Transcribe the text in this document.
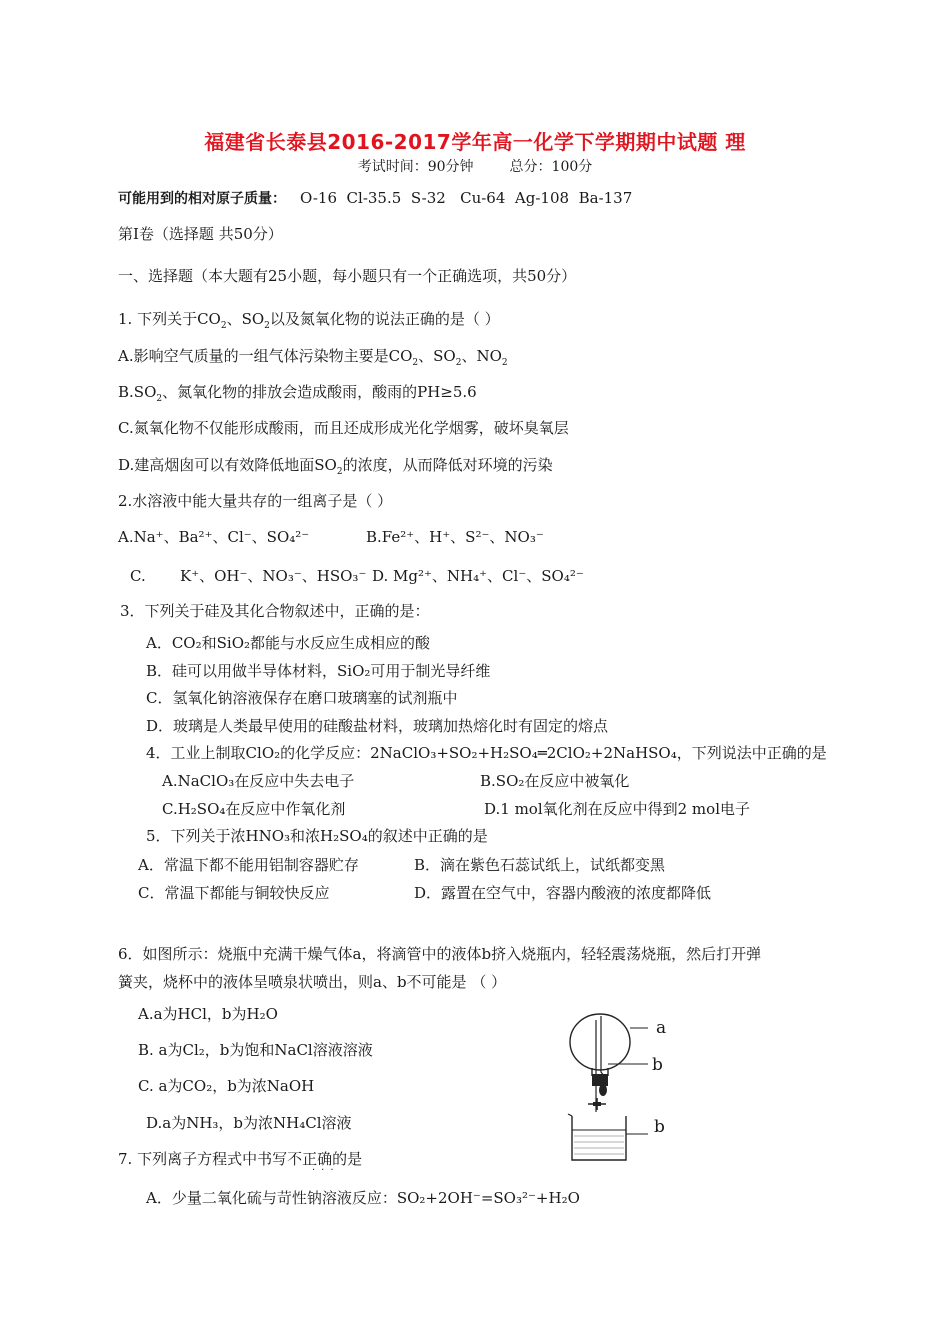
福建省长泰县2016-2017学年高一化学下学期期中试题 理
考试时间：90分钟	总分：100分
可能用到的相对原子质量： O-16  Cl-35.5  S-32   Cu-64  Ag-108  Ba-137
第Ⅰ卷（选择题 共50分）
一、选择题（本大题有25小题，每小题只有一个正确选项，共50分）
1. 下列关于$CO_2$、$SO_2$以及氮氧化物的说法正确的是（ ）
A.影响空气质量的一组气体污染物主要是$CO_2$、$SO_2$、$NO_2$
$B.SO_2$、氮氧化物的排放会造成酸雨，酸雨的PH≥5.6
C.氮氧化物不仅能形成酸雨，而且还成形成光化学烟雾，破坏臭氧层
D.建高烟囱可以有效降低地面$SO_2$的浓度，从而降低对环境的污染
2.水溶液中能大量共存的一组离子是（ ）
A.Na⁺、Ba²⁺、Cl⁻、SO₄²⁻	B.Fe²⁺、H⁺、S²⁻、NO₃⁻
C. K⁺、OH⁻、NO₃⁻、HSO₃⁻ D. Mg²⁺、NH₄⁺、Cl⁻、SO₄²⁻
3．下列关于硅及其化合物叙述中，正确的是：
A．CO₂和SiO₂都能与水反应生成相应的酸
B．硅可以用做半导体材料，SiO₂可用于制光导纤维
C．氢氧化钠溶液保存在磨口玻璃塞的试剂瓶中
D．玻璃是人类最早使用的硅酸盐材料，玻璃加热熔化时有固定的熔点
4．工业上制取ClO₂的化学反应：2NaClO₃+SO₂+H₂SO₄═2ClO₂+2NaHSO₄，下列说法中正确的是
A.NaClO₃在反应中失去电子	B.SO₂在反应中被氧化
C.H₂SO₄在反应中作氧化剂	D.1 mol氧化剂在反应中得到2 mol电子
5．下列关于浓HNO₃和浓H₂SO₄的叙述中正确的是
A．常温下都不能用铝制容器贮存	B．滴在紫色石蕊试纸上，试纸都变黑
C．常温下都能与铜较快反应	D．露置在空气中，容器内酸液的浓度都降低
6．如图所示：烧瓶中充满干燥气体a，将滴管中的液体b挤入烧瓶内，轻轻震荡烧瓶，然后打开弹
簧夹，烧杯中的液体呈喷泉状喷出，则a、b不可能是 （ ）
A.a为HCl，b为H₂O
B. a为Cl₂，b为饱和NaCl溶液溶液
C. a为CO₂，b为浓NaOH
D.a为NH₃，b为浓NH₄Cl溶液
a
b
b
7. 下列离子方程式中书写不正确的是
···
A．少量二氧化硫与苛性钠溶液反应：SO₂+2OH⁻=SO₃²⁻+H₂O
